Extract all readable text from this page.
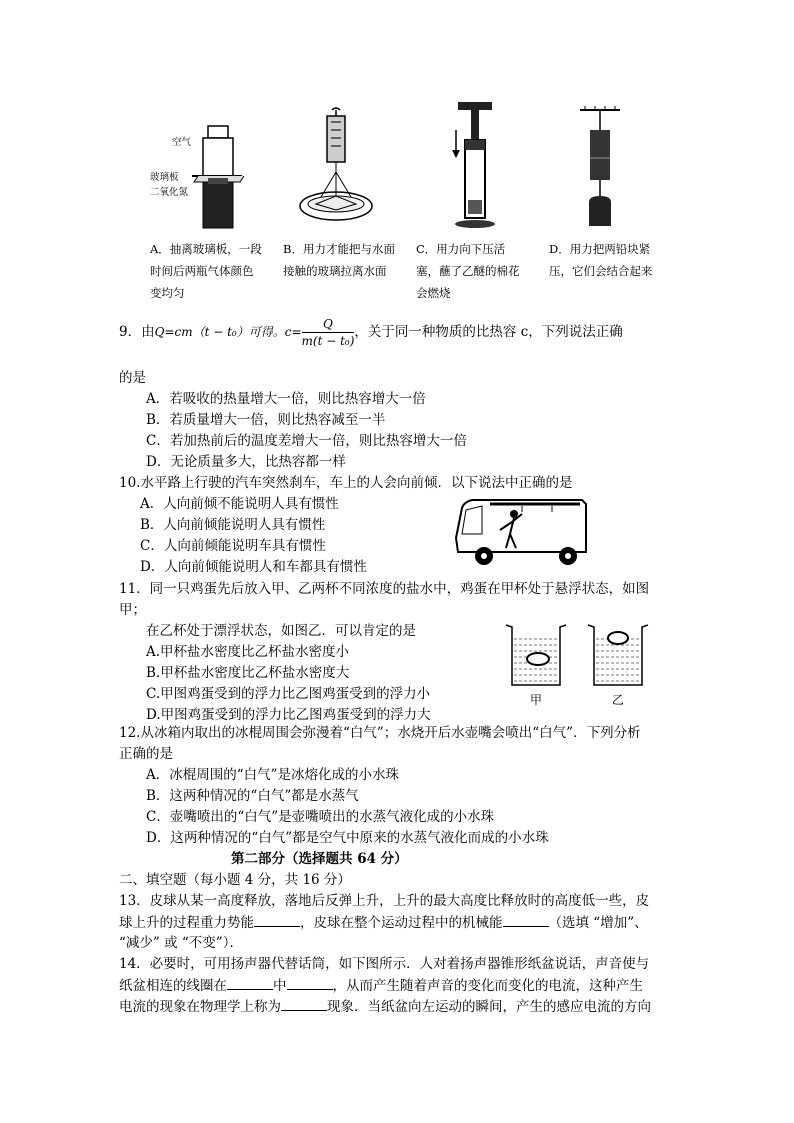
空气
玻璃板
二氧化氮
A．抽离玻璃板，一段时间后两瓶气体颜色变均匀
B．用力才能把与水面接触的玻璃拉离水面
C．用力向下压活塞，蘸了乙醚的棉花会燃烧
D．用力把两铅块紧压，它们会结合起来
9．由Q=cm（t − t₀）可得。$c= \frac{Q}{\text{m(t − t₀)}}$ ，关于同一种物质的比热容 c，下列说法正确
的是
A．若吸收的热量增大一倍，则比热容增大一倍
B．若质量增大一倍，则比热容减至一半
C．若加热前后的温度差增大一倍，则比热容增大一倍
D．无论质量多大，比热容都一样
10.水平路上行驶的汽车突然刹车，车上的人会向前倾．以下说法中正确的是
A．人向前倾不能说明人具有惯性
B．人向前倾能说明人具有惯性
C．人向前倾能说明车具有惯性
D．人向前倾能说明人和车都具有惯性
11．同一只鸡蛋先后放入甲、乙两杯不同浓度的盐水中，鸡蛋在甲杯处于悬浮状态，如图
甲；
在乙杯处于漂浮状态，如图乙．可以肯定的是
A.甲杯盐水密度比乙杯盐水密度小
B.甲杯盐水密度比乙杯盐水密度大
C.甲图鸡蛋受到的浮力比乙图鸡蛋受到的浮力小
D.甲图鸡蛋受到的浮力比乙图鸡蛋受到的浮力大
甲	乙
12.从冰箱内取出的冰棍周围会弥漫着“白气”；水烧开后水壶嘴会喷出“白气”．下列分析
正确的是
A．冰棍周围的“白气”是冰熔化成的小水珠
B．这两种情况的“白气”都是水蒸气
C．壶嘴喷出的“白气”是壶嘴喷出的水蒸气液化成的小水珠
D．这两种情况的“白气”都是空气中原来的水蒸气液化而成的小水珠
第二部分（选择题共 64 分）
二、填空题（每小题 4 分，共 16 分）
13．皮球从某一高度释放，落地后反弹上升，上升的最大高度比释放时的高度低一些，皮
球上升的过程重力势能	，皮球在整个运动过程中的机械能	（选填 “增加”、
“减少” 或 “不变”）．
14．必要时，可用扬声器代替话筒，如下图所示．人对着扬声器锥形纸盆说话，声音使与
纸盆相连的线圈在	中	，从而产生随着声音的变化而变化的电流，这种产生
电流的现象在物理学上称为	现象．当纸盆向左运动的瞬间，产生的感应电流的方向
